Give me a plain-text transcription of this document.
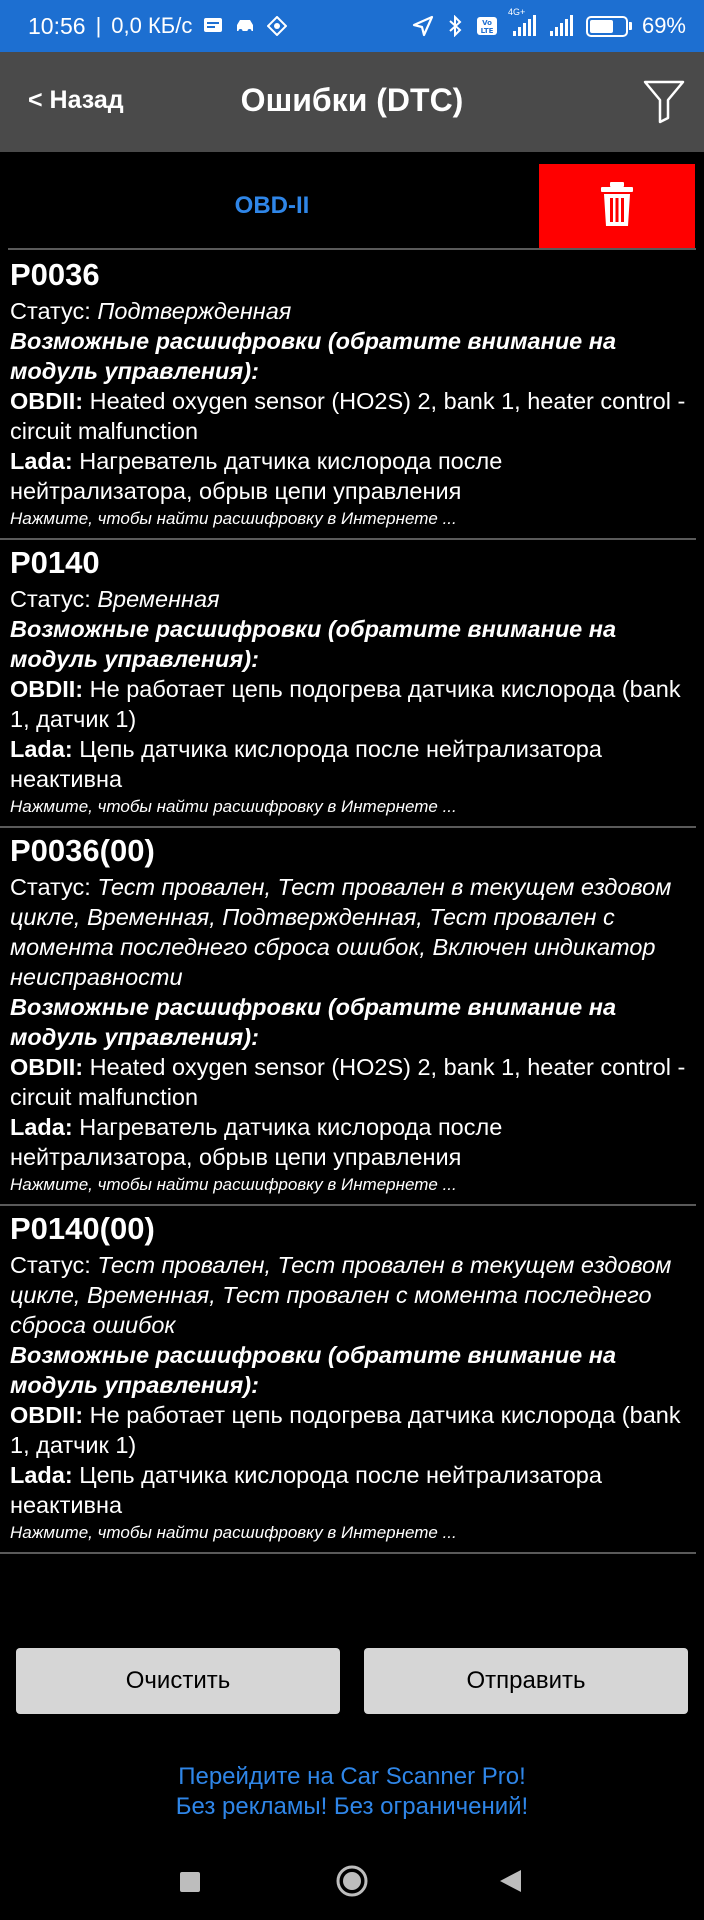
10:56 | 0,0 КБ/с	Vo
LTE
4G+
69%
< Назад	Ошибки (DTC)
OBD-II
P0036
Статус: Подтвержденная
Возможные расшифровки (обратите внимание на модуль управления):
OBDII: Heated oxygen sensor (HO2S) 2, bank 1, heater control - circuit malfunction
Lada: Нагреватель датчика кислорода после нейтрализатора, обрыв цепи управления
Нажмите, чтобы найти расшифровку в Интернете ...
P0140
Статус: Временная
Возможные расшифровки (обратите внимание на модуль управления):
OBDII: Не работает цепь подогрева датчика кислорода (bank 1, датчик 1)
Lada: Цепь датчика кислорода после нейтрализатора неактивна
Нажмите, чтобы найти расшифровку в Интернете ...
P0036(00)
Статус: Тест провален, Тест провален в текущем ездовом цикле, Временная, Подтвержденная, Тест провален с момента последнего сброса ошибок, Включен индикатор неисправности
Возможные расшифровки (обратите внимание на модуль управления):
OBDII: Heated oxygen sensor (HO2S) 2, bank 1, heater control - circuit malfunction
Lada: Нагреватель датчика кислорода после нейтрализатора, обрыв цепи управления
Нажмите, чтобы найти расшифровку в Интернете ...
P0140(00)
Статус: Тест провален, Тест провален в текущем ездовом цикле, Временная, Тест провален с момента последнего сброса ошибок
Возможные расшифровки (обратите внимание на модуль управления):
OBDII: Не работает цепь подогрева датчика кислорода (bank 1, датчик 1)
Lada: Цепь датчика кислорода после нейтрализатора неактивна
Нажмите, чтобы найти расшифровку в Интернете ...
Очистить	Отправить
Перейдите на Car Scanner Pro!
Без рекламы! Без ограничений!
